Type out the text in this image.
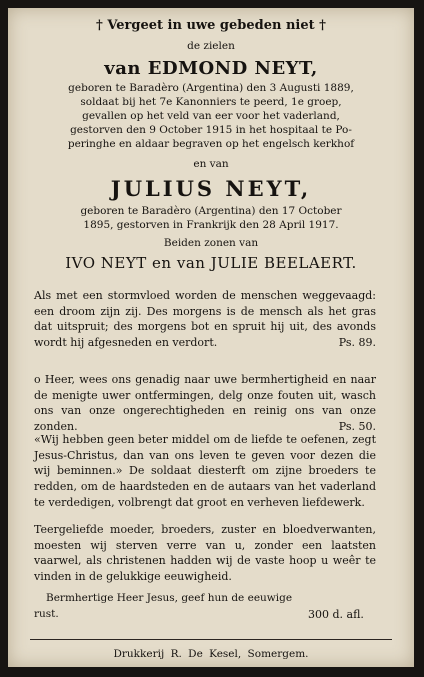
† Vergeet in uwe gebeden niet †
de zielen
van EDMOND NEYT,
geboren te Baradèro (Argentina) den 3 Augusti 1889,
soldaat bij het 7e Kanonniers te peerd, 1e groep,
gevallen op het veld van eer voor het vaderland,
gestorven den 9 October 1915 in het hospitaal te Po-
peringhe en aldaar begraven op het engelsch kerkhof
en van
JULIUS NEYT,
geboren te Baradèro (Argentina) den 17 October
1895, gestorven in Frankrijk den 28 April 1917.
Beiden zonen van
IVO NEYT en van JULIE BEELAERT.
Als met een stormvloed worden de menschen weggevaagd: een droom zijn zij. Des morgens is de mensch als het gras dat uitspruit; des morgens bot en spruit hij uit, des avonds wordt hij afgesneden en verdort.	Ps. 89.
o Heer, wees ons genadig naar uwe bermhertigheid en naar de menigte uwer ontfermingen, delg onze fouten uit, wasch ons van onze ongerechtigheden en reinig ons van onze zonden.	Ps. 50.
«Wij hebben geen beter middel om de liefde te oefenen, zegt Jesus-Christus, dan van ons leven te geven voor dezen die wij beminnen.» De soldaat diesterft om zijne broeders te redden, om de haardsteden en de autaars van het vaderland te verdedigen, volbrengt dat groot en verheven liefdewerk.
Teergeliefde moeder, broeders, zuster en bloedverwanten, moesten wij sterven verre van u, zonder een laatsten vaarwel, als christenen hadden wij de vaste hoop u weêr te vinden in de gelukkige eeuwigheid.
Bermhertige Heer Jesus, geef hun de eeuwige
rust.	300 d. afl.
Drukkerij R. De Kesel, Somergem.
